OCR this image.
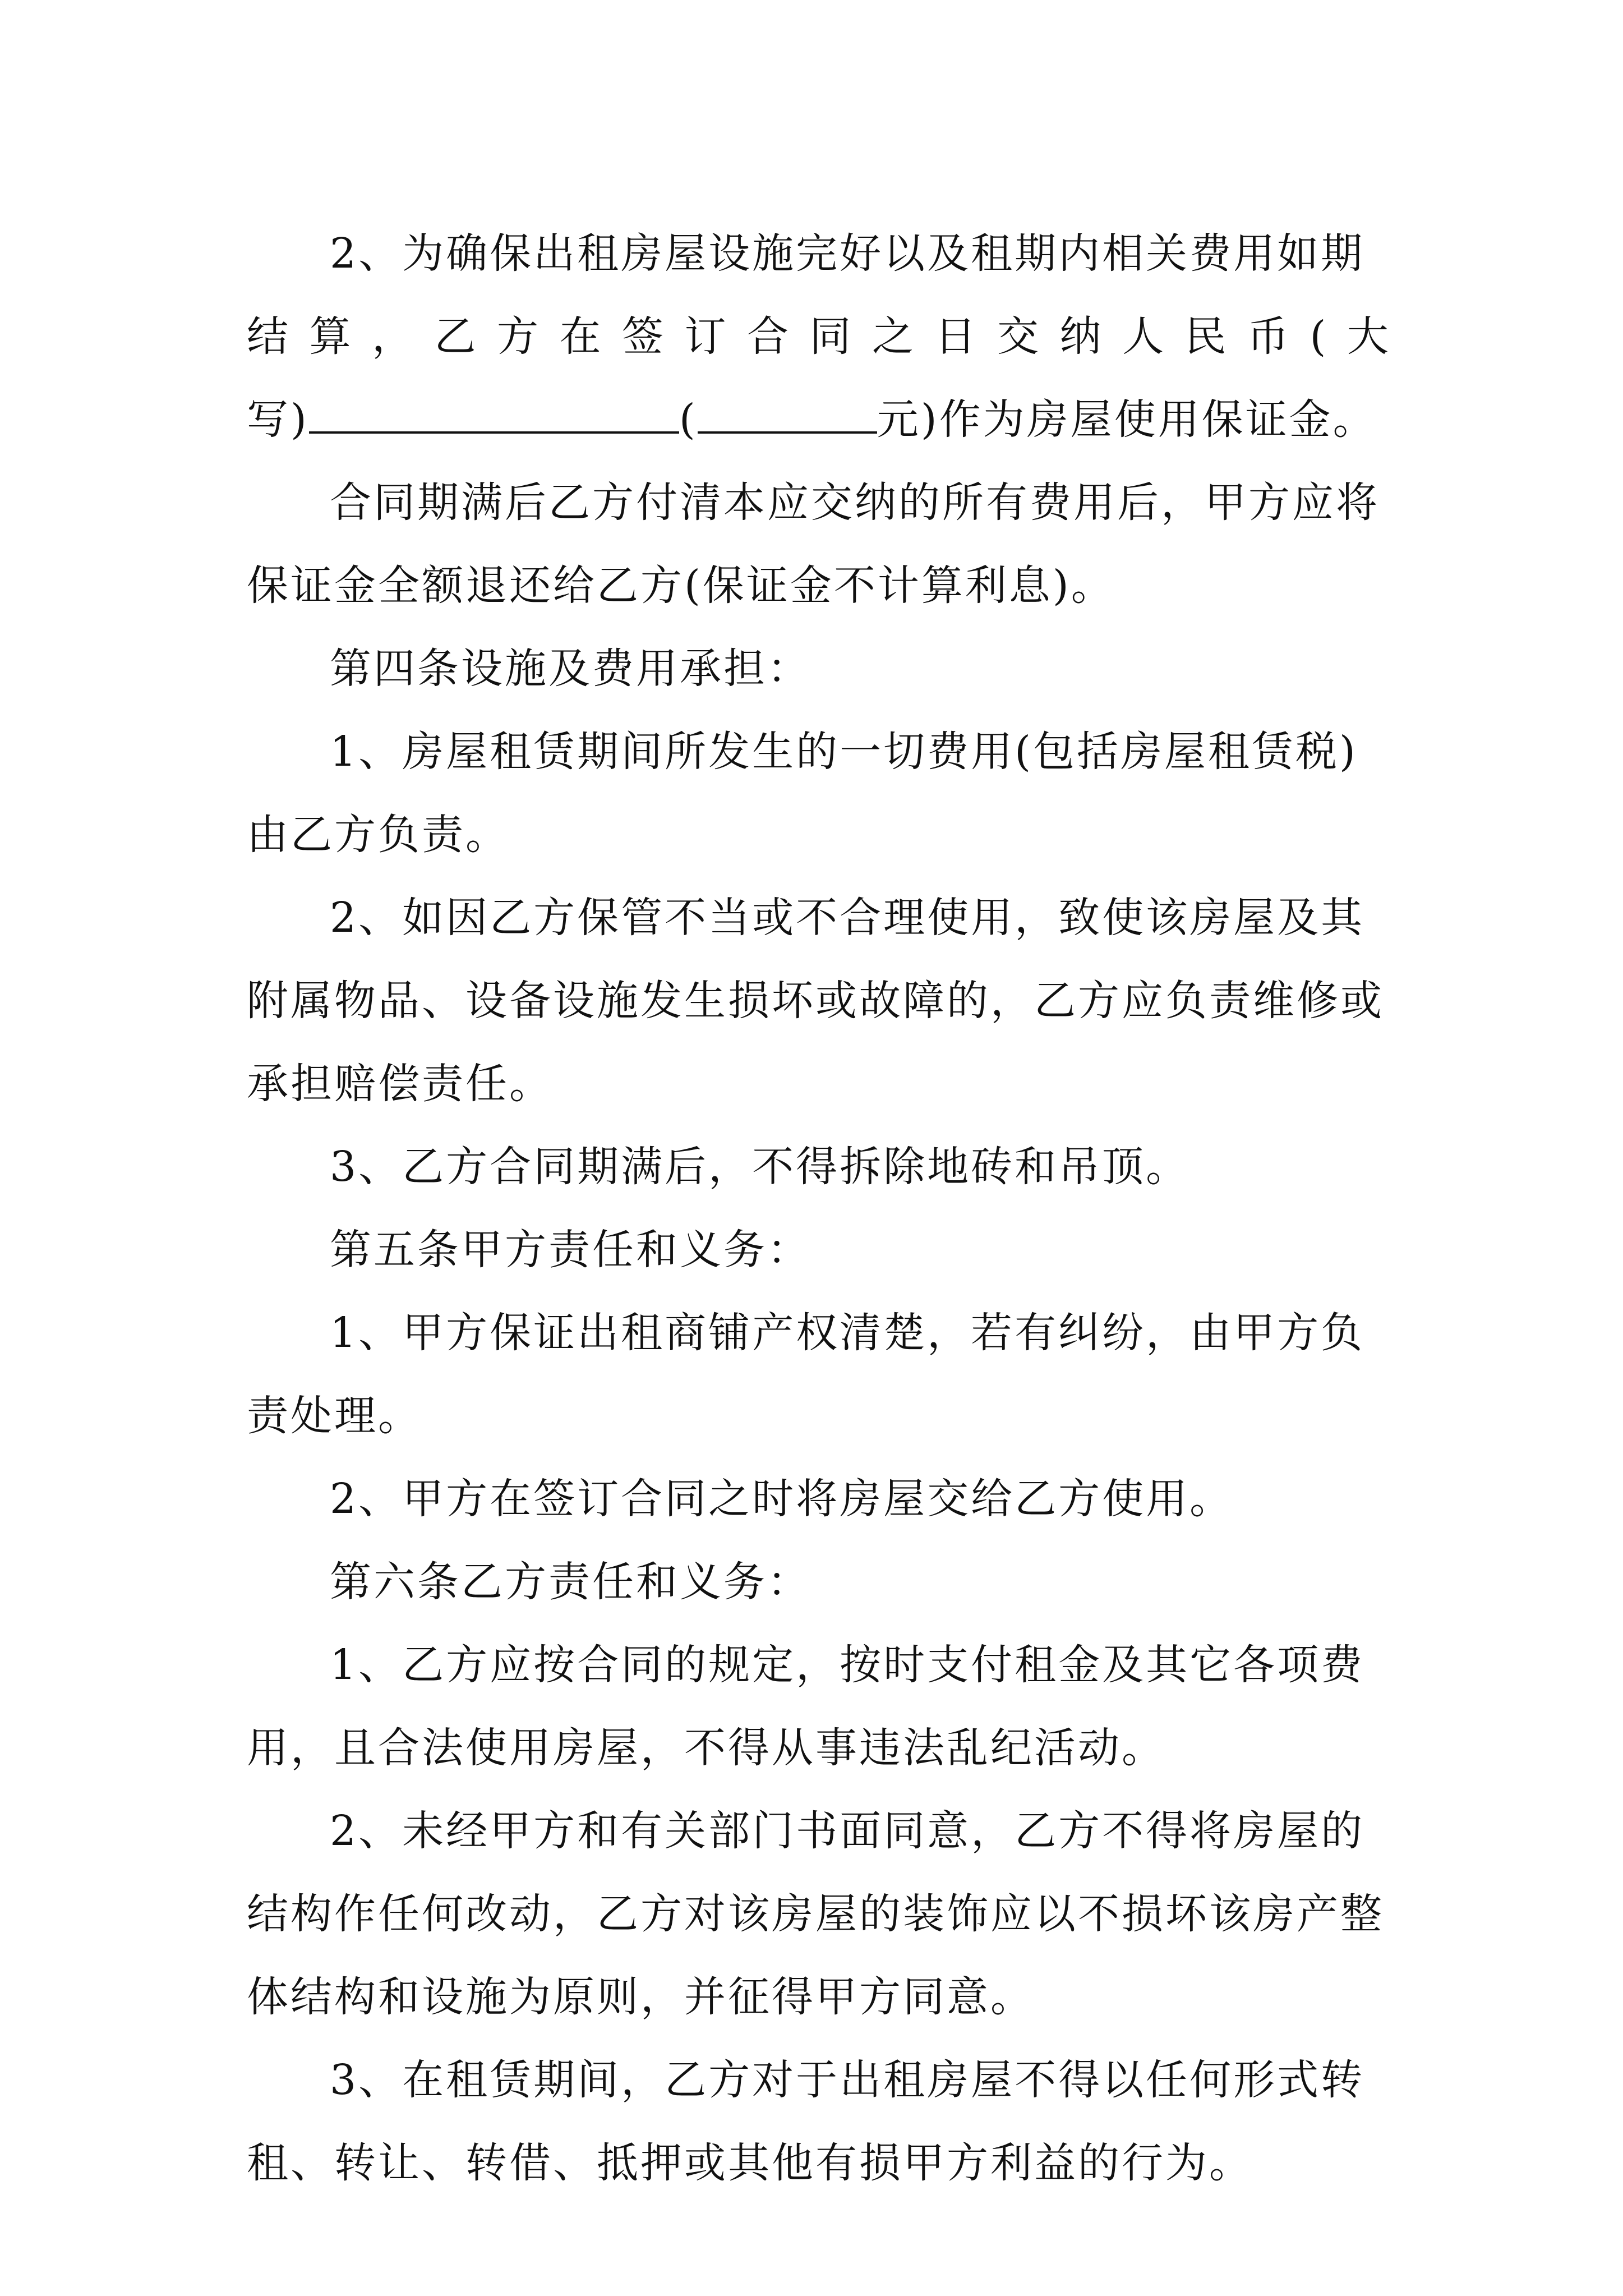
2、为确保出租房屋设施完好以及租期内相关费用如期
结 算 ， 乙 方 在 签 订 合 同 之 日 交 纳 人 民 币 ( 大
写)	(	元)作为房屋使用保证金。
合同期满后乙方付清本应交纳的所有费用后，甲方应将
保证金全额退还给乙方(保证金不计算利息)。
第四条设施及费用承担：
1、房屋租赁期间所发生的一切费用(包括房屋租赁税)
由乙方负责。
2、如因乙方保管不当或不合理使用，致使该房屋及其
附属物品、设备设施发生损坏或故障的，乙方应负责维修或
承担赔偿责任。
3、乙方合同期满后，不得拆除地砖和吊顶。
第五条甲方责任和义务：
1、甲方保证出租商铺产权清楚，若有纠纷，由甲方负
责处理。
2、甲方在签订合同之时将房屋交给乙方使用。
第六条乙方责任和义务：
1、乙方应按合同的规定，按时支付租金及其它各项费
用，且合法使用房屋，不得从事违法乱纪活动。
2、未经甲方和有关部门书面同意，乙方不得将房屋的
结构作任何改动，乙方对该房屋的装饰应以不损坏该房产整
体结构和设施为原则，并征得甲方同意。
3、在租赁期间，乙方对于出租房屋不得以任何形式转
租、转让、转借、抵押或其他有损甲方利益的行为。
